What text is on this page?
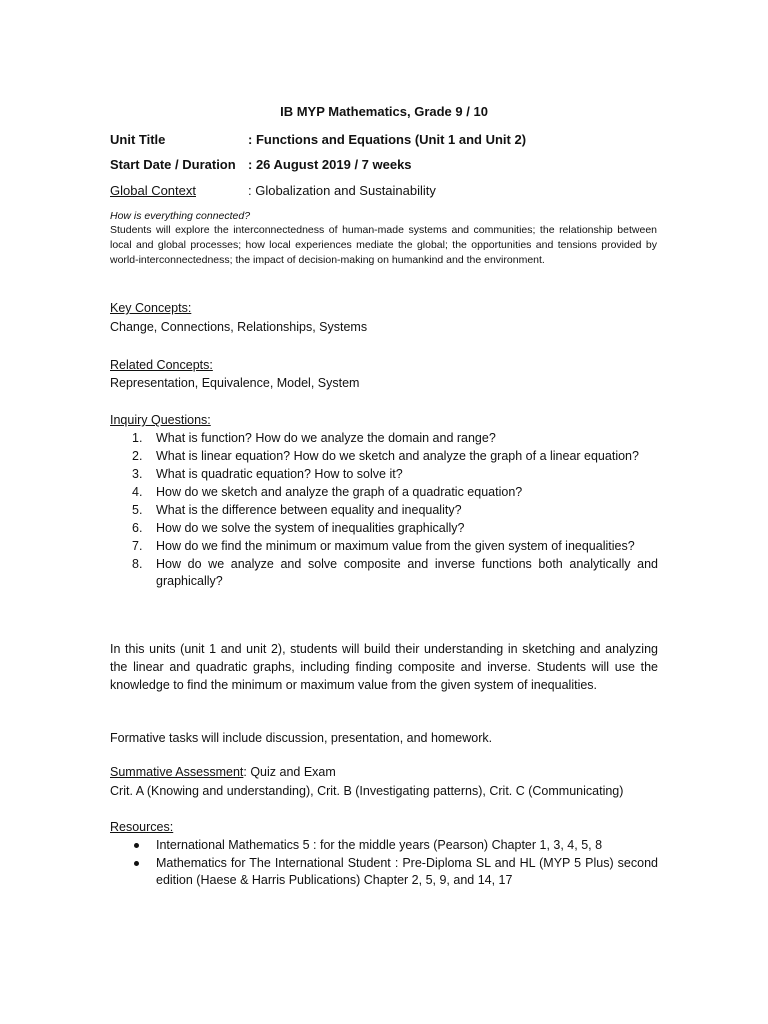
IB MYP Mathematics, Grade 9 / 10
Unit Title	: Functions and Equations (Unit 1 and Unit 2)
Start Date / Duration : 26 August 2019 / 7 weeks
Global Context	: Globalization and Sustainability
How is everything connected?
Students will explore the interconnectedness of human-made systems and communities; the relationship between local and global processes; how local experiences mediate the global; the opportunities and tensions provided by world-interconnectedness; the impact of decision-making on humankind and the environment.
Key Concepts:
Change, Connections, Relationships, Systems
Related Concepts:
Representation, Equivalence, Model, System
Inquiry Questions:
1. What is function? How do we analyze the domain and range?
2. What is linear equation? How do we sketch and analyze the graph of a linear equation?
3. What is quadratic equation? How to solve it?
4. How do we sketch and analyze the graph of a quadratic equation?
5. What is the difference between equality and inequality?
6. How do we solve the system of inequalities graphically?
7. How do we find the minimum or maximum value from the given system of inequalities?
8. How do we analyze and solve composite and inverse functions both analytically and graphically?
In this units (unit 1 and unit 2), students will build their understanding in sketching and analyzing the linear and quadratic graphs, including finding composite and inverse. Students will use the knowledge to find the minimum or maximum value from the given system of inequalities.
Formative tasks will include discussion, presentation, and homework.
Summative Assessment: Quiz and Exam
Crit. A (Knowing and understanding), Crit. B (Investigating patterns), Crit. C (Communicating)
Resources:
International Mathematics 5 : for the middle years (Pearson) Chapter 1, 3, 4, 5, 8
Mathematics for The International Student : Pre-Diploma SL and HL (MYP 5 Plus) second edition (Haese & Harris Publications) Chapter 2, 5, 9, and 14, 17
